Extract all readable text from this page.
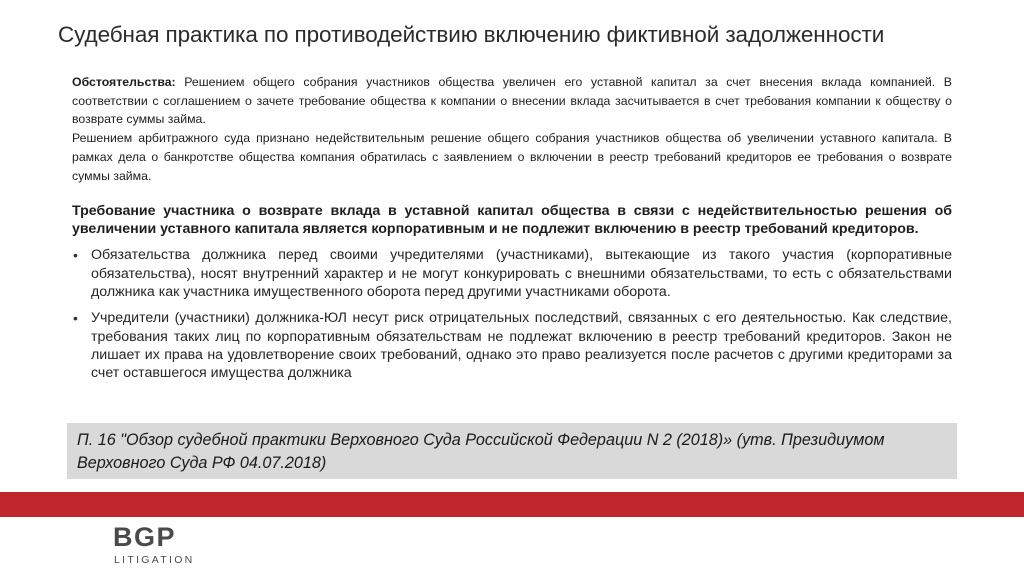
Судебная практика по противодействию включению фиктивной задолженности

Обстоятельства: Решением общего собрания участников общества увеличен его уставной капитал за счет внесения вклада компанией. В соответствии с соглашением о зачете требование общества к компании о внесении вклада засчитывается в счет требования компании к обществу о возврате суммы займа.

Решением арбитражного суда признано недействительным решение общего собрания участников общества об увеличении уставного капитала. В рамках дела о банкротстве общества компания обратилась с заявлением о включении в реестр требований кредиторов ее требования о возврате суммы займа.

Требование участника о возврате вклада в уставной капитал общества в связи с недействительностью решения об увеличении уставного капитала является корпоративным и не подлежит включению в реестр требований кредиторов.

• Обязательства должника перед своими учредителями (участниками), вытекающие из такого участия (корпоративные обязательства), носят внутренний характер и не могут конкурировать с внешними обязательствами, то есть с обязательствами должника как участника имущественного оборота перед другими участниками оборота.
• Учредители (участники) должника-ЮЛ несут риск отрицательных последствий, связанных с его деятельностью. Как следствие, требования таких лиц по корпоративным обязательствам не подлежат включению в реестр требований кредиторов. Закон не лишает их права на удовлетворение своих требований, однако это право реализуется после расчетов с другими кредиторами за счет оставшегося имущества должника
П. 16 "Обзор судебной практики Верховного Суда Российской Федерации N 2 (2018)» (утв. Президиумом Верховного Суда РФ 04.07.2018)
BGP
LITIGATION
